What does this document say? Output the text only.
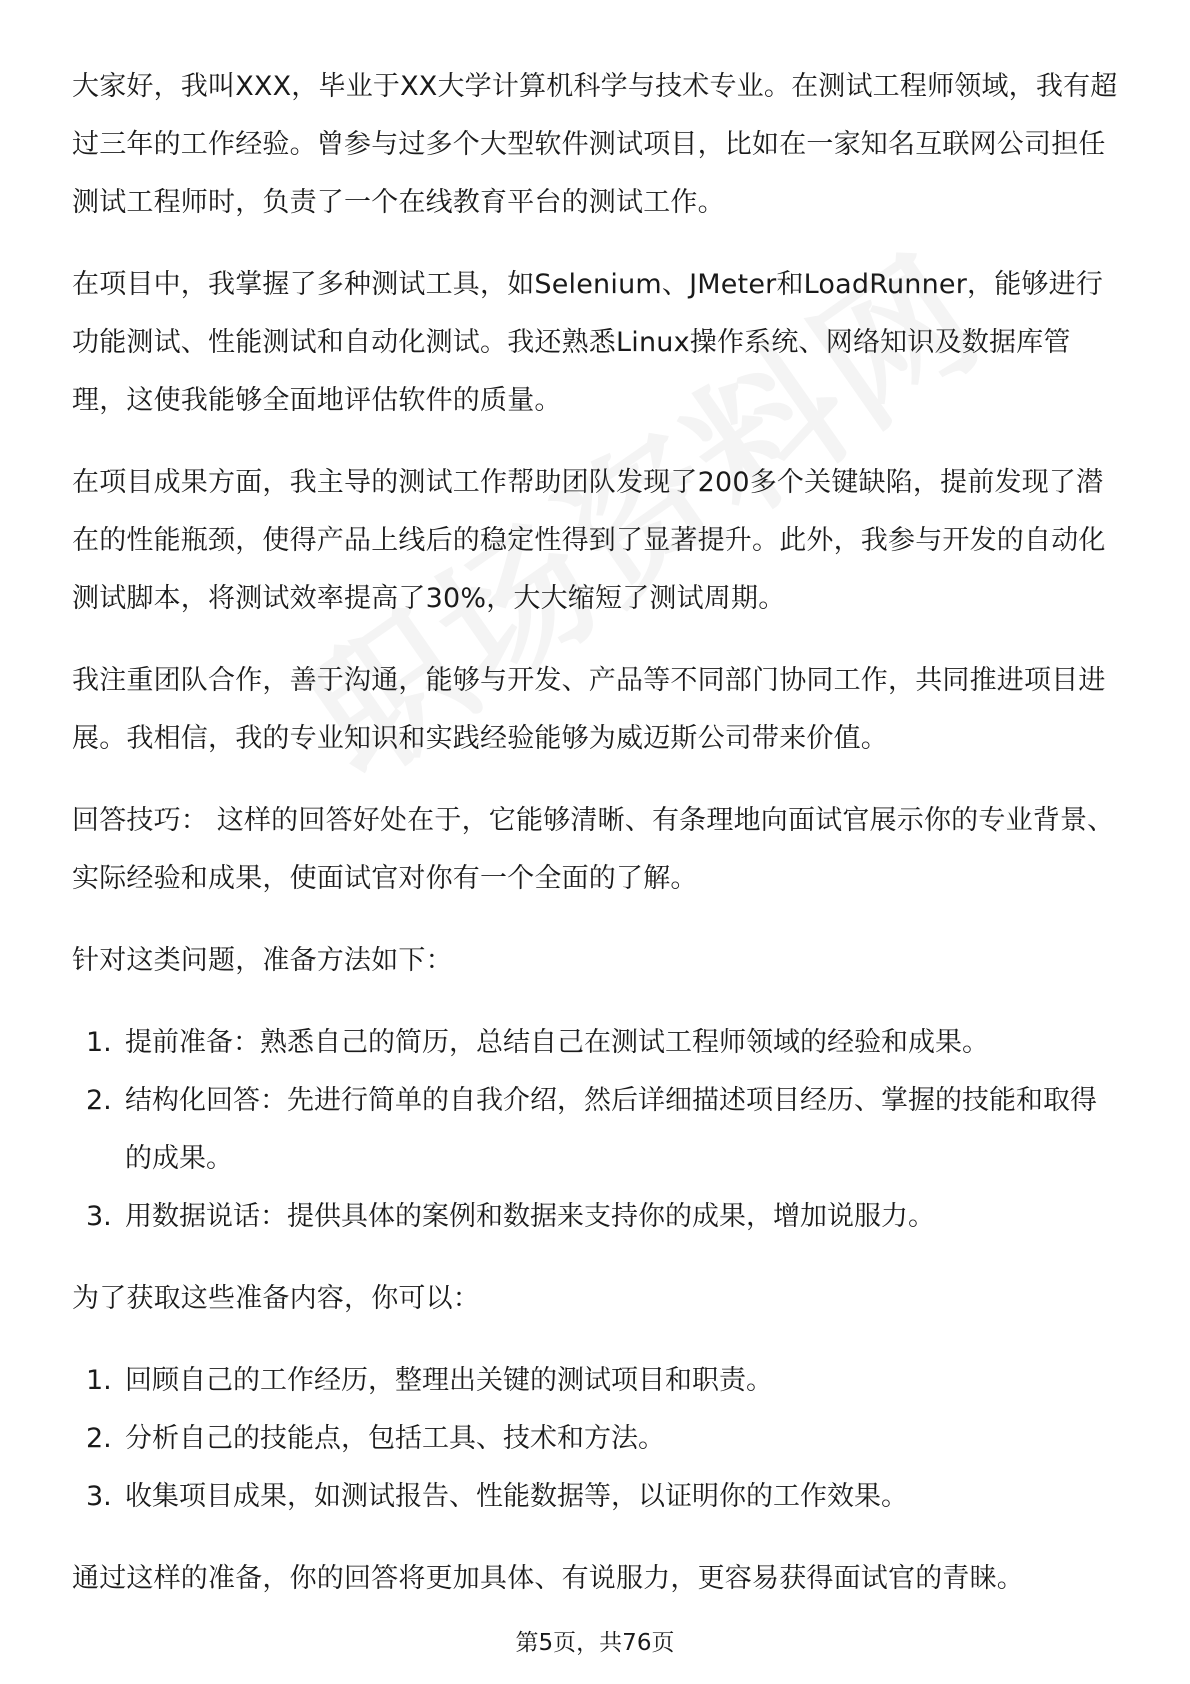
大家好，我叫XXX，毕业于XX大学计算机科学与技术专业。在测试工程师领域，我有超过三年的工作经验。曾参与过多个大型软件测试项目，比如在一家知名互联网公司担任测试工程师时，负责了一个在线教育平台的测试工作。

在项目中，我掌握了多种测试工具，如Selenium、JMeter和LoadRunner，能够进行功能测试、性能测试和自动化测试。我还熟悉Linux操作系统、网络知识及数据库管理，这使我能够全面地评估软件的质量。

在项目成果方面，我主导的测试工作帮助团队发现了200多个关键缺陷，提前发现了潜在的性能瓶颈，使得产品上线后的稳定性得到了显著提升。此外，我参与开发的自动化测试脚本，将测试效率提高了30%，大大缩短了测试周期。

我注重团队合作，善于沟通，能够与开发、产品等不同部门协同工作，共同推进项目进展。我相信，我的专业知识和实践经验能够为威迈斯公司带来价值。

回答技巧： 这样的回答好处在于，它能够清晰、有条理地向面试官展示你的专业背景、实际经验和成果，使面试官对你有一个全面的了解。

针对这类问题，准备方法如下：

1. 提前准备：熟悉自己的简历，总结自己在测试工程师领域的经验和成果。
2. 结构化回答：先进行简单的自我介绍，然后详细描述项目经历、掌握的技能和取得的成果。
3. 用数据说话：提供具体的案例和数据来支持你的成果，增加说服力。

为了获取这些准备内容，你可以：

1. 回顾自己的工作经历，整理出关键的测试项目和职责。
2. 分析自己的技能点，包括工具、技术和方法。
3. 收集项目成果，如测试报告、性能数据等，以证明你的工作效果。

通过这样的准备，你的回答将更加具体、有说服力，更容易获得面试官的青睐。

第5页，共76页
